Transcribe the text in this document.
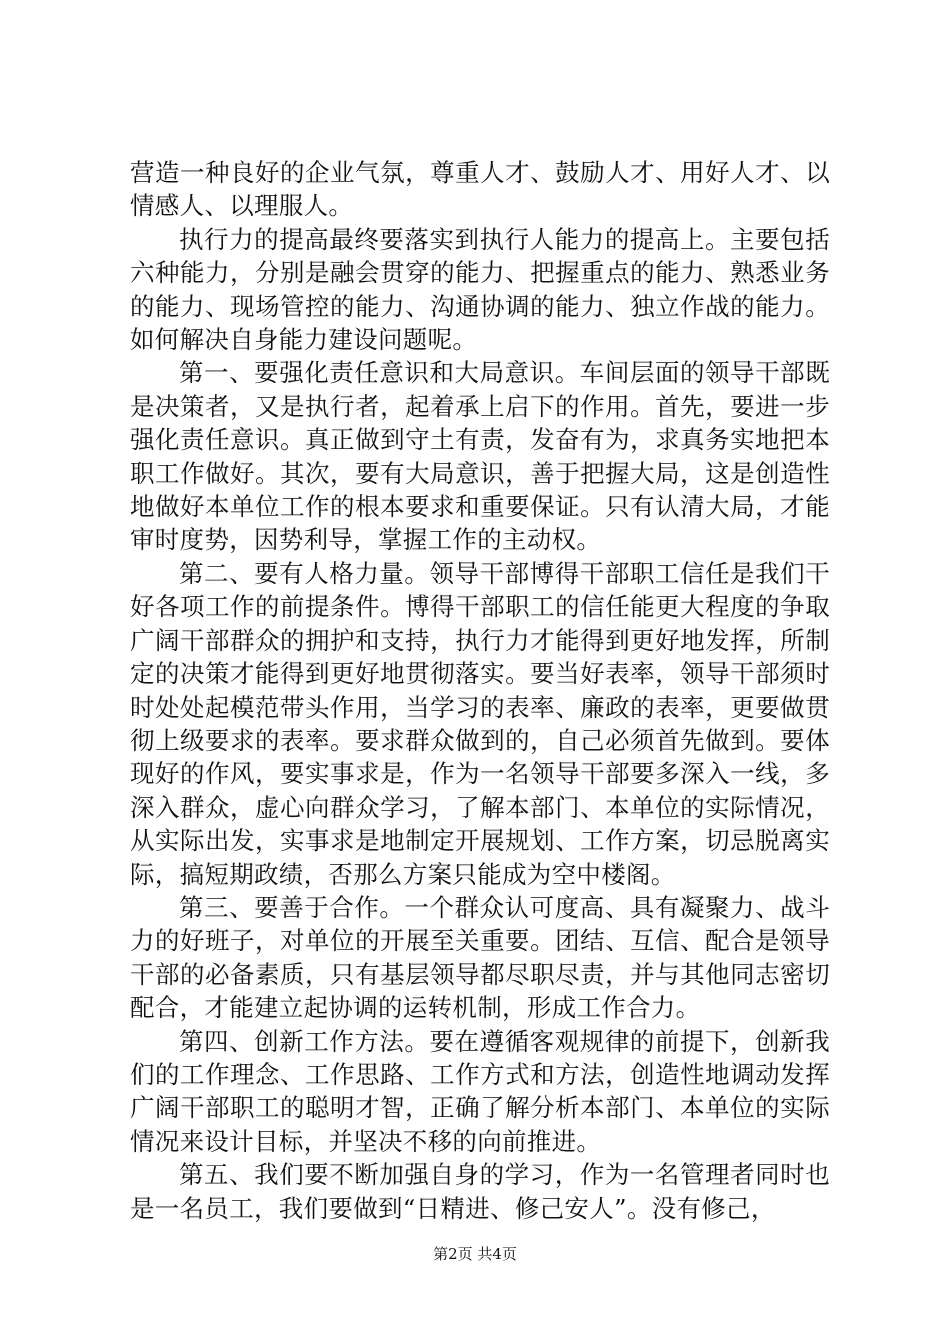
营造一种良好的企业气氛，尊重人才、鼓励人才、用好人才、以情感人、以理服人。

执行力的提高最终要落实到执行人能力的提高上。主要包括六种能力，分别是融会贯穿的能力、把握重点的能力、熟悉业务的能力、现场管控的能力、沟通协调的能力、独立作战的能力。如何解决自身能力建设问题呢。

第一、要强化责任意识和大局意识。车间层面的领导干部既是决策者，又是执行者，起着承上启下的作用。首先，要进一步强化责任意识。真正做到守土有责，发奋有为，求真务实地把本职工作做好。其次，要有大局意识，善于把握大局，这是创造性地做好本单位工作的根本要求和重要保证。只有认清大局，才能审时度势，因势利导，掌握工作的主动权。

第二、要有人格力量。领导干部博得干部职工信任是我们干好各项工作的前提条件。博得干部职工的信任能更大程度的争取广阔干部群众的拥护和支持，执行力才能得到更好地发挥，所制定的决策才能得到更好地贯彻落实。要当好表率，领导干部须时时处处起模范带头作用，当学习的表率、廉政的表率，更要做贯彻上级要求的表率。要求群众做到的，自己必须首先做到。要体现好的作风，要实事求是，作为一名领导干部要多深入一线，多深入群众，虚心向群众学习，了解本部门、本单位的实际情况，从实际出发，实事求是地制定开展规划、工作方案，切忌脱离实际，搞短期政绩，否那么方案只能成为空中楼阁。

第三、要善于合作。一个群众认可度高、具有凝聚力、战斗力的好班子，对单位的开展至关重要。团结、互信、配合是领导干部的必备素质，只有基层领导都尽职尽责，并与其他同志密切配合，才能建立起协调的运转机制，形成工作合力。

第四、创新工作方法。要在遵循客观规律的前提下，创新我们的工作理念、工作思路、工作方式和方法，创造性地调动发挥广阔干部职工的聪明才智，正确了解分析本部门、本单位的实际情况来设计目标，并坚决不移的向前推进。

第五、我们要不断加强自身的学习，作为一名管理者同时也是一名员工，我们要做到“日精进、修己安人”。没有修己，

第2页 共4页
